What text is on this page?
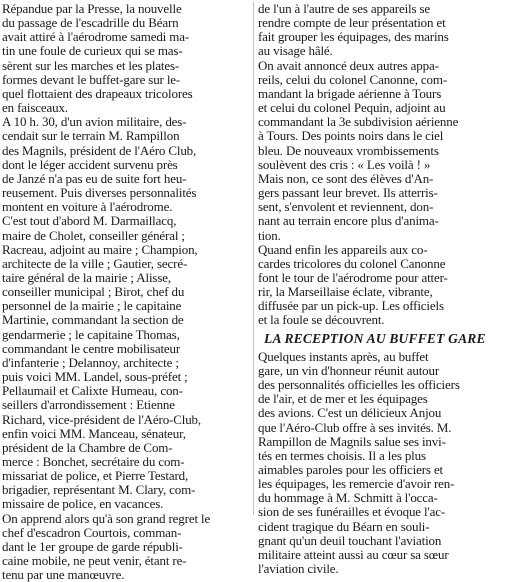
Répandue par la Presse, la nouvelle
du passage de l'escadrille du Béarn
avait attiré à l'aérodrome samedi ma-
tin une foule de curieux qui se mas-
sèrent sur les marches et les plates-
formes devant le buffet-gare sur le-
quel flottaient des drapeaux tricolores
en faisceaux.

A 10 h. 30, d'un avion militaire, des-
cendait sur le terrain M. Rampillon
des Magnils, président de l'Aéro Club,
dont le léger accident survenu près
de Janzé n'a pas eu de suite fort heu-
reusement. Puis diverses personnalités
montent en voiture à l'aérodrome.
C'est tout d'abord M. Darmaillacq,
maire de Cholet, conseiller général ;
Racreau, adjoint au maire ; Champion,
architecte de la ville ; Gautier, secré-
taire général de la mairie ; Alisse,
conseiller municipal ; Birot, chef du
personnel de la mairie ; le capitaine
Martinie, commandant la section de
gendarmerie ; le capitaine Thomas,
commandant le centre mobilisateur
d'infanterie ; Delannoy, architecte ;
puis voici MM. Landel, sous-préfet ;
Pellaumail et Calixte Humeau, con-
seillers d'arrondissement : Etienne
Richard, vice-président de l'Aéro-Club,
enfin voici MM. Manceau, sénateur,
président de la Chambre de Com-
merce : Bonchet, secrétaire du com-
missariat de police, et Pierre Testard,
brigadier, représentant M. Clary, com-
missaire de police, en vacances.
On apprend alors qu'à son grand regret le
chef d'escadron Courtois, comman-
dant le 1er groupe de garde républi-
caine mobile, ne peut venir, étant re-
tenu par une manœuvre.

de l'un à l'autre de ses appareils se
rendre compte de leur présentation et
fait grouper les équipages, des marins
au visage hâlé.

On avait annoncé deux autres appa-
reils, celui du colonel Canonne, com-
mandant la brigade aérienne à Tours
et celui du colonel Pequin, adjoint au
commandant la 3e subdivision aérienne
à Tours. Des points noirs dans le ciel
bleu. De nouveaux vrombissements
soulèvent des cris : « Les voilà ! »

Mais non, ce sont des élèves d'An-
gers passant leur brevet. Ils atterris-
sent, s'envolent et reviennent, don-
nant au terrain encore plus d'anima-
tion.

Quand enfin les appareils aux co-
cardes tricolores du colonel Canonne
font le tour de l'aérodrome pour atter-
rir, la Marseillaise éclate, vibrante,
diffusée par un pick-up. Les officiels
et la foule se découvrent.

LA RECEPTION AU BUFFET GARE

Quelques instants après, au buffet
gare, un vin d'honneur réunit autour
des personnalités officielles les officiers
de l'air, et de mer et les équipages
des avions. C'est un délicieux Anjou
que l'Aéro-Club offre à ses invités. M.
Rampillon de Magnils salue ses invi-
tés en termes choisis. Il a les plus
aimables paroles pour les officiers et
les équipages, les remercie d'avoir ren-
du hommage à M. Schmitt à l'occa-
sion de ses funérailles et évoque l'ac-
cident tragique du Béarn en souli-
gnant qu'un deuil touchant l'aviation
militaire atteint aussi au cœur sa sœur
l'aviation civile.
